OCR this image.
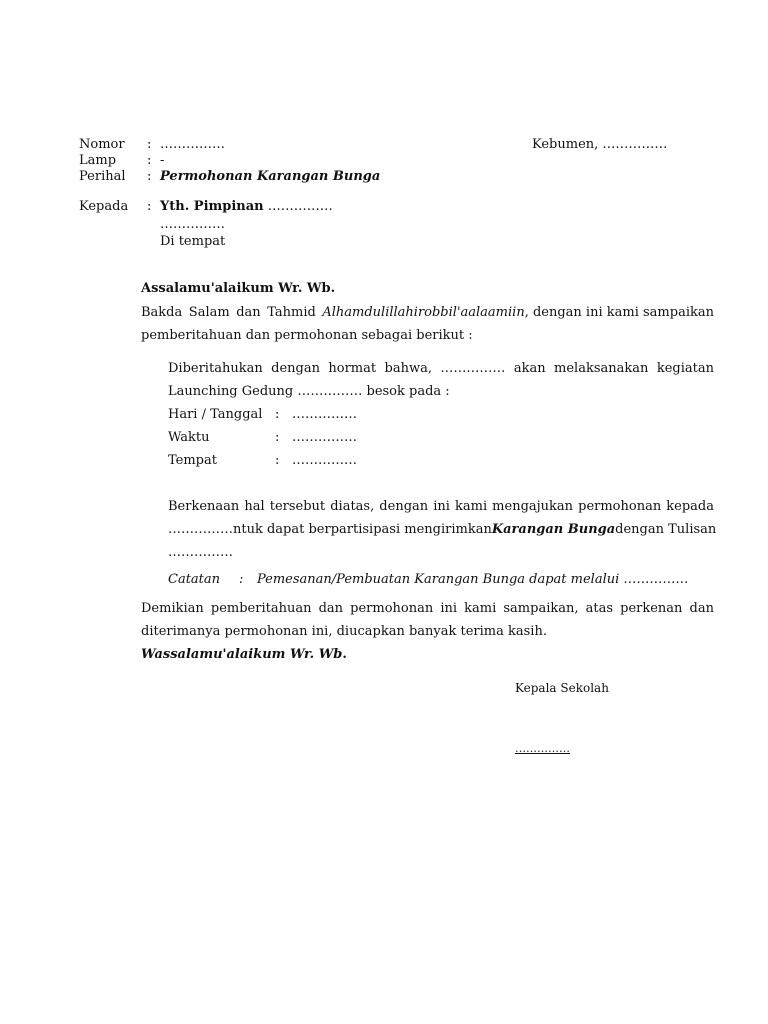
Nomor : ……………	Kebumen, ……………
Lamp : -
Perihal : Permohonan Karangan Bunga
Kepada : Yth. Pimpinan ……………
……………
Di tempat
Assalamu'alaikum Wr. Wb.
Bakda Salam dan Tahmid Alhamdulillahirobbil'aalaamiin, dengan ini kami sampaikan
pemberitahuan dan permohonan sebagai berikut :
Diberitahukan dengan hormat bahwa, …………… akan melaksanakan kegiatan
Launching Gedung …………… besok pada :
Hari / Tanggal : ……………
Waktu	: ……………
Tempat	: ……………
Berkenaan hal tersebut diatas, dengan ini kami mengajukan permohonan kepada
…………… ntuk dapat berpartisipasi mengirimkan Karangan Bunga dengan Tulisan
……………
Catatan : Pemesanan/Pembuatan Karangan Bunga dapat melalui ……………
Demikian pemberitahuan dan permohonan ini kami sampaikan, atas perkenan dan
diterimanya permohonan ini, diucapkan banyak terima kasih.
Wassalamu'alaikum Wr. Wb.
Kepala Sekolah
……………
